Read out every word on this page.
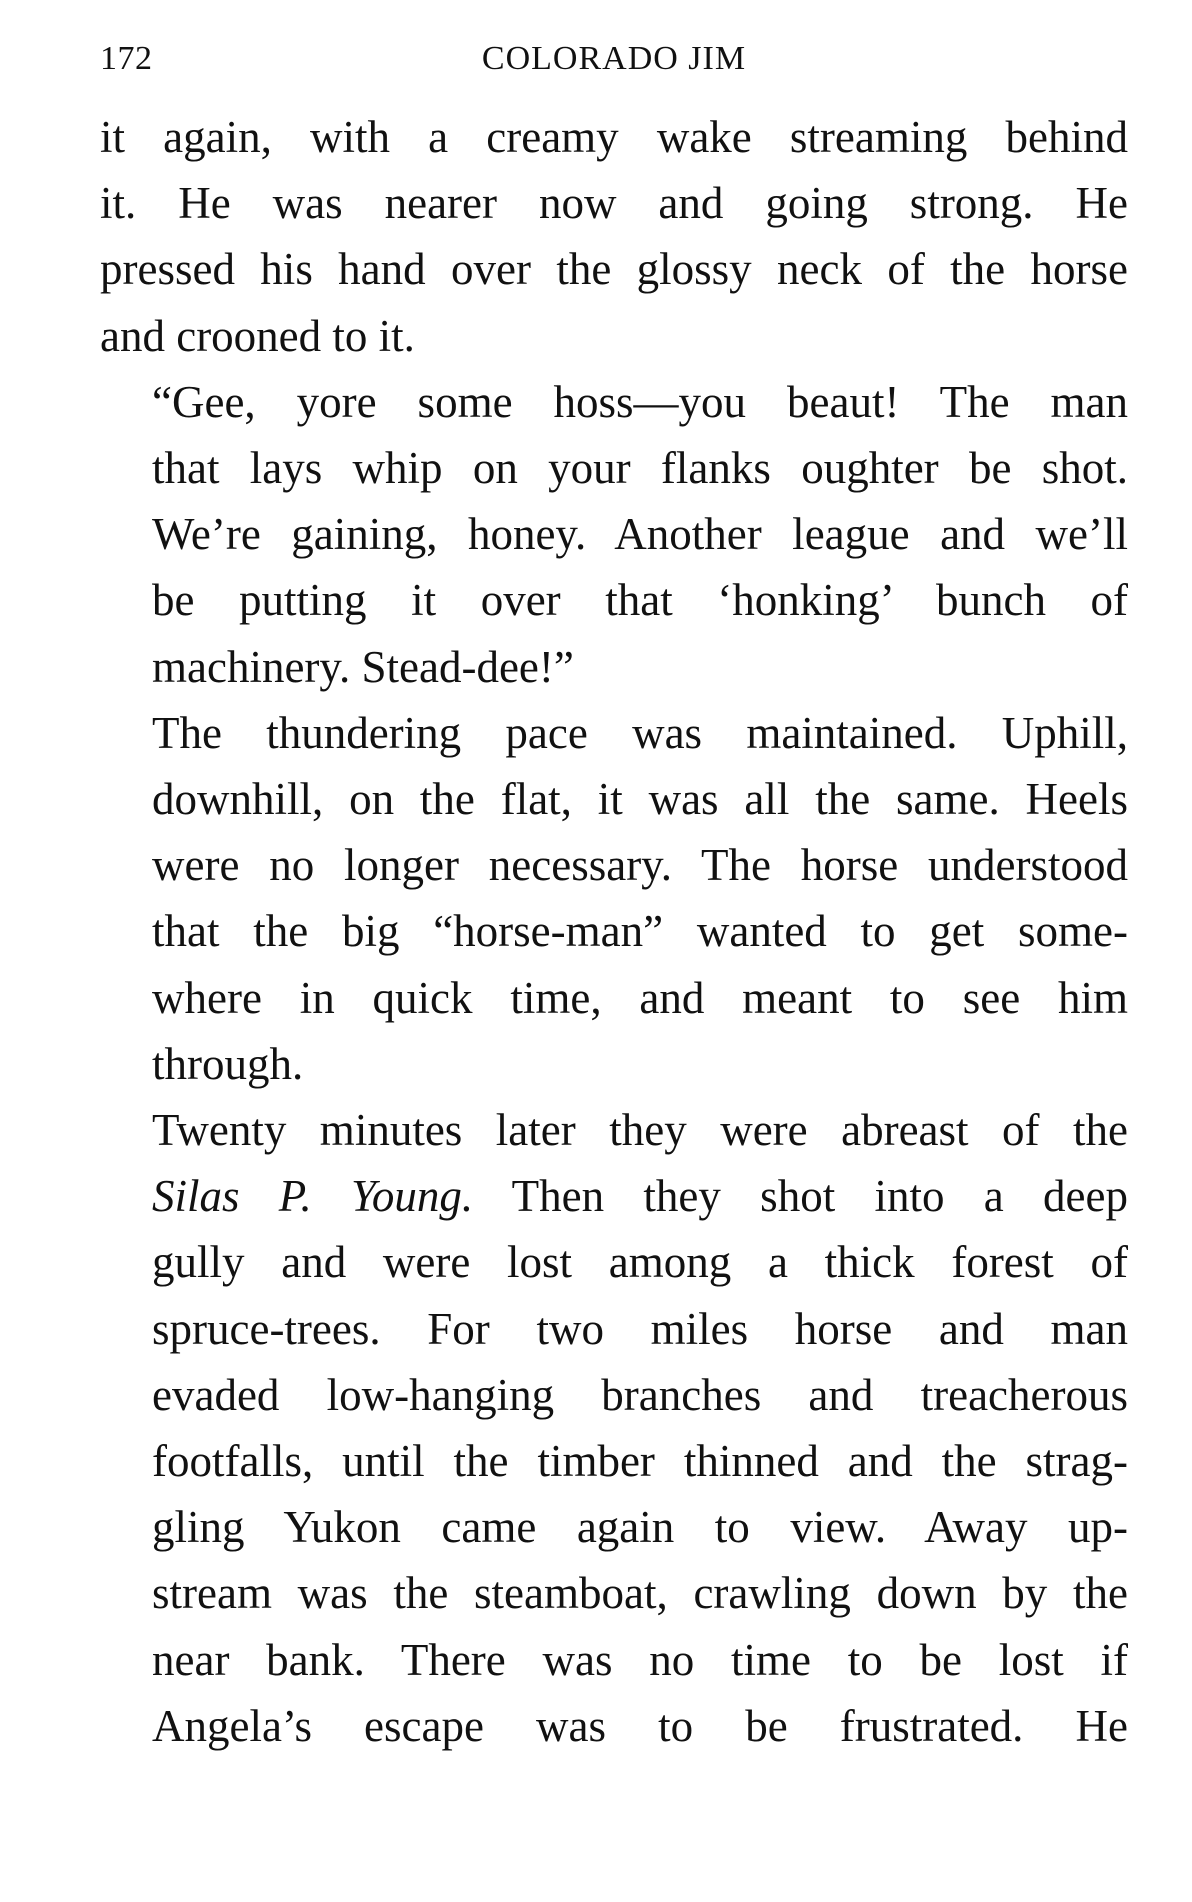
172	COLORADO JIM

it again, with a creamy wake streaming behind
it. He was nearer now and going strong. He
pressed his hand over the glossy neck of the horse
and crooned to it.

“Gee, yore some hoss—you beaut! The man
that lays whip on your flanks oughter be shot.
We’re gaining, honey. Another league and we’ll
be putting it over that ‘honking’ bunch of
machinery. Stead-dee!”

The thundering pace was maintained. Uphill,
downhill, on the flat, it was all the same. Heels
were no longer necessary. The horse understood
that the big “horse-man” wanted to get some-
where in quick time, and meant to see him
through.

Twenty minutes later they were abreast of the
Silas P. Young. Then they shot into a deep
gully and were lost among a thick forest of
spruce-trees. For two miles horse and man
evaded low-hanging branches and treacherous
footfalls, until the timber thinned and the strag-
gling Yukon came again to view. Away up-
stream was the steamboat, crawling down by the
near bank. There was no time to be lost if
Angela’s escape was to be frustrated. He
